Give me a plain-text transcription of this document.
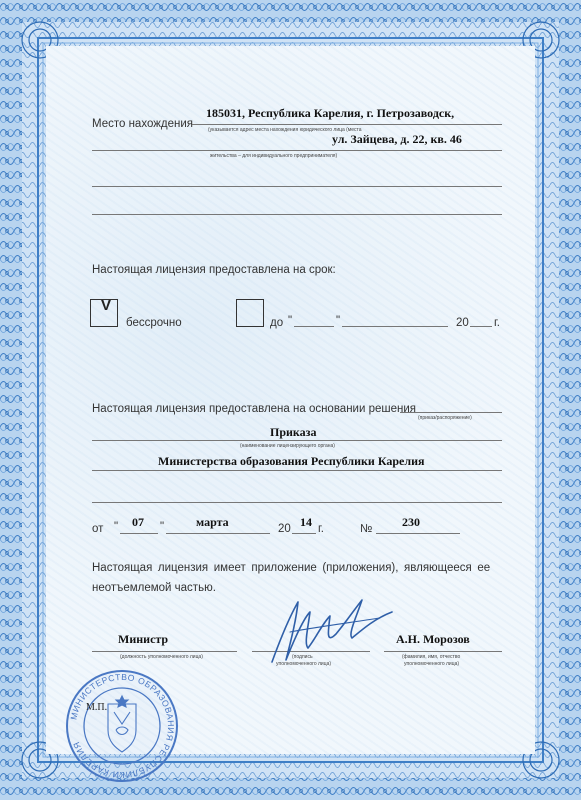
Место нахождения
185031, Республика Карелия, г. Петрозаводск,
(указывается адрес места нахождения юридического лица (места
ул. Зайцева, д. 22, кв. 46
жительства – для индивидуального предпринимателя)
Настоящая лицензия предоставлена на срок:
V
бессрочно	до "	"	20 г.
Настоящая лицензия предоставлена на основании решения
(приказ/распоряжение)
Приказа
(наименование лицензирующего органа)
Министерства образования Республики Карелия
от " 07 "	марта	20 14 г.	№ 230
Настоящая лицензия имеет приложение (приложения), являющееся ее
неотъемлемой частью.
Министр
(должность уполномоченного лица)	(подпись
уполномоченного лица)
А.Н. Морозов
(фамилия, имя, отчество
уполномоченного лица)
МИНИСТЕРСТВО ОБРАЗОВАНИЯ РЕСПУБЛИКИ КАРЕЛИЯ
М.П.
